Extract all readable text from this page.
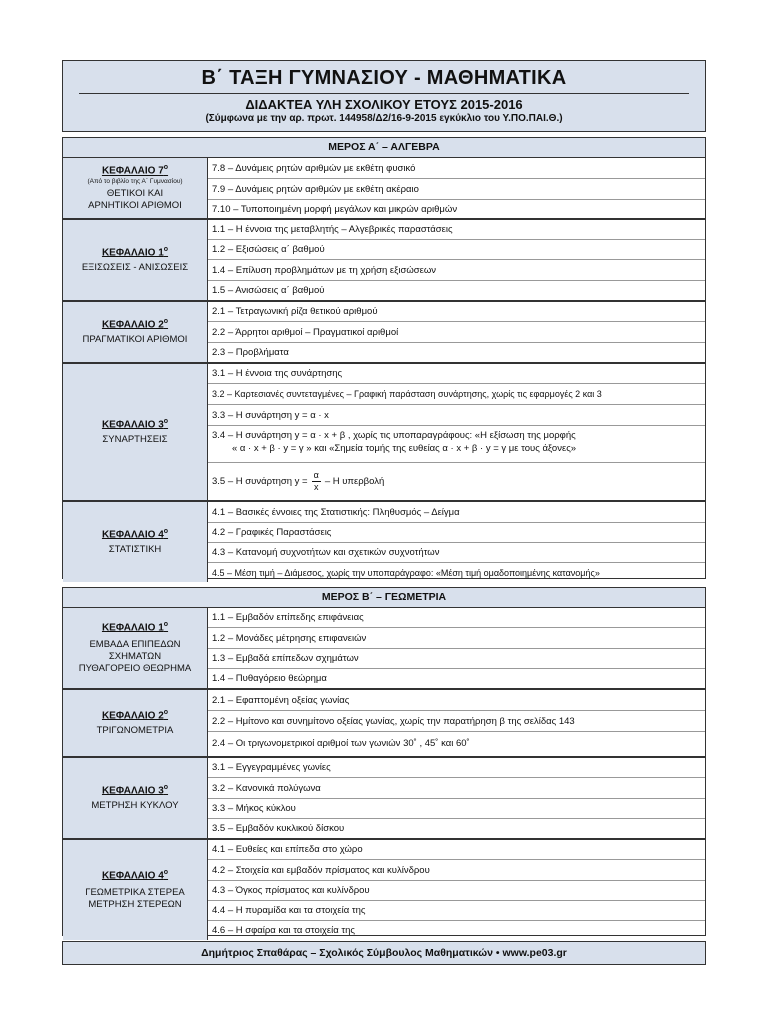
Β΄ ΤΑΞΗ ΓΥΜΝΑΣΙΟΥ - ΜΑΘΗΜΑΤΙΚΑ
ΔΙΔΑΚΤΕΑ ΥΛΗ ΣΧΟΛΙΚΟΥ ΕΤΟΥΣ 2015-2016
(Σύμφωνα με την αρ. πρωτ. 144958/Δ2/16-9-2015 εγκύκλιο του Υ.ΠΟ.ΠΑΙ.Θ.)
ΜΕΡΟΣ Α΄ – ΑΛΓΕΒΡΑ
ΚΕΦΑΛΑΙΟ $7^o$
(Από το βιβλίο της Α΄ Γυμνασίου)
ΘΕΤΙΚΟΙ ΚΑΙ
ΑΡΝΗΤΙΚΟΙ ΑΡΙΘΜΟΙ
7.8 – Δυνάμεις ρητών αριθμών με εκθέτη φυσικό
7.9 – Δυνάμεις ρητών αριθμών με εκθέτη ακέραιο
7.10 – Τυποποιημένη μορφή μεγάλων και μικρών αριθμών
ΚΕΦΑΛΑΙΟ $1^o$
ΕΞΙΣΩΣΕΙΣ - ΑΝΙΣΩΣΕΙΣ
1.1 – Η έννοια της μεταβλητής – Αλγεβρικές παραστάσεις
1.2 – Εξισώσεις α΄ βαθμού
1.4 – Επίλυση προβλημάτων με τη χρήση εξισώσεων
1.5 – Ανισώσεις α΄ βαθμού
ΚΕΦΑΛΑΙΟ $2^o$
ΠΡΑΓΜΑΤΙΚΟΙ ΑΡΙΘΜΟΙ
2.1 – Τετραγωνική ρίζα θετικού αριθμού
2.2 – Άρρητοι αριθμοί – Πραγματικοί αριθμοί
2.3 – Προβλήματα
ΚΕΦΑΛΑΙΟ $3^o$
ΣΥΝΑΡΤΗΣΕΙΣ
3.1 – Η έννοια της συνάρτησης
3.2 – Καρτεσιανές συντεταγμένες – Γραφική παράσταση συνάρτησης, χωρίς τις εφαρμογές 2 και 3
3.3 – Η συνάρτηση y = α · x
3.4 – Η συνάρτηση y = α · x + β , χωρίς τις υποπαραγράφους: «Η εξίσωση της μορφής
« α · x + β · y = γ » και «Σημεία τομής της ευθείας α · x + β · y = γ με τους άξονες»
3.5 – Η συνάρτηση $y = \frac{\alpha}{x} - H$ υπερβολή
ΚΕΦΑΛΑΙΟ $4^o$
ΣΤΑΤΙΣΤΙΚΗ
4.1 – Βασικές έννοιες της Στατιστικής: Πληθυσμός – Δείγμα
4.2 – Γραφικές Παραστάσεις
4.3 – Κατανομή συχνοτήτων και σχετικών συχνοτήτων
4.5 – Μέση τιμή – Διάμεσος, χωρίς την υποπαράγραφο: «Μέση τιμή ομαδοποιημένης κατανομής»
ΜΕΡΟΣ Β΄ – ΓΕΩΜΕΤΡΙΑ
ΚΕΦΑΛΑΙΟ $1^o$
ΕΜΒΑΔΑ ΕΠΙΠΕΔΩΝ
ΣΧΗΜΑΤΩΝ
ΠΥΘΑΓΟΡΕΙΟ ΘΕΩΡΗΜΑ
1.1 – Εμβαδόν επίπεδης επιφάνειας
1.2 – Μονάδες μέτρησης επιφανειών
1.3 – Εμβαδά επίπεδων σχημάτων
1.4 – Πυθαγόρειο θεώρημα
ΚΕΦΑΛΑΙΟ $2^o$
ΤΡΙΓΩΝΟΜΕΤΡΙΑ
2.1 – Εφαπτομένη οξείας γωνίας
2.2 – Ημίτονο και συνημίτονο οξείας γωνίας, χωρίς την παρατήρηση β της σελίδας 143
2.4 – Οι τριγωνομετρικοί αριθμοί των γωνιών 30˚ , 45˚ και 60˚
ΚΕΦΑΛΑΙΟ $3^o$
ΜΕΤΡΗΣΗ ΚΥΚΛΟΥ
3.1 – Εγγεγραμμένες γωνίες
3.2 – Κανονικά πολύγωνα
3.3 – Μήκος κύκλου
3.5 – Εμβαδόν κυκλικού δίσκου
ΚΕΦΑΛΑΙΟ $4^o$
ΓΕΩΜΕΤΡΙΚΑ ΣΤΕΡΕΑ
ΜΕΤΡΗΣΗ ΣΤΕΡΕΩΝ
4.1 – Ευθείες και επίπεδα στο χώρο
4.2 – Στοιχεία και εμβαδόν πρίσματος και κυλίνδρου
4.3 – Όγκος πρίσματος και κυλίνδρου
4.4 – Η πυραμίδα και τα στοιχεία της
4.6 – Η σφαίρα και τα στοιχεία της
Δημήτριος Σπαθάρας – Σχολικός Σύμβουλος Μαθηματικών • www.pe03.gr
